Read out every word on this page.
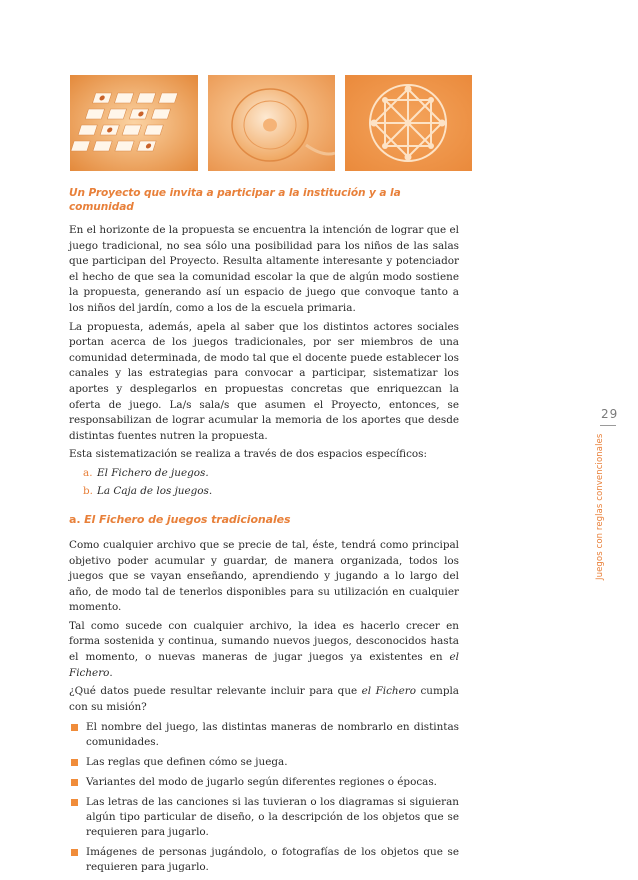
Un Proyecto que invita a participar a la institución y a la comunidad

En el horizonte de la propuesta se encuentra la intención de lograr que el juego tradicional, no sea sólo una posibilidad para los niños de las salas que participan del Proyecto. Resulta altamente interesante y potenciador el hecho de que sea la comunidad escolar la que de algún modo sostiene la propuesta, generando así un espacio de juego que convoque tanto a los niños del jardín, como a los de la escuela primaria.

La propuesta, además, apela al saber que los distintos actores sociales portan acerca de los juegos tradicionales, por ser miembros de una comunidad determinada, de modo tal que el docente puede establecer los canales y las estrategias para convocar a participar, sistematizar los aportes y desplegarlos en propuestas concretas que enriquezcan la oferta de juego. La/s sala/s que asumen el Proyecto, entonces, se responsabilizan de lograr acumular la memoria de los aportes que desde distintas fuentes nutren la propuesta.

Esta sistematización se realiza a través de dos espacios específicos:

a. El Fichero de juegos.
b. La Caja de los juegos.
a. El Fichero de juegos tradicionales

Como cualquier archivo que se precie de tal, éste, tendrá como principal objetivo poder acumular y guardar, de manera organizada, todos los juegos que se vayan enseñando, aprendiendo y jugando a lo largo del año, de modo tal de tenerlos disponibles para su utilización en cualquier momento.

Tal como sucede con cualquier archivo, la idea es hacerlo crecer en forma sostenida y continua, sumando nuevos juegos, desconocidos hasta el momento, o nuevas maneras de jugar juegos ya existentes en el Fichero.

¿Qué datos puede resultar relevante incluir para que el Fichero cumpla con su misión?

El nombre del juego, las distintas maneras de nombrarlo en distintas comunidades.
Las reglas que definen cómo se juega.
Variantes del modo de jugarlo según diferentes regiones o épocas.
Las letras de las canciones si las tuvieran o los diagramas si siguieran algún tipo particular de diseño, o la descripción de los objetos que se requieren para jugarlo.
Imágenes de personas jugándolo, o fotografías de los objetos que se requieren para jugarlo.
29
Juegos con reglas convencionales
